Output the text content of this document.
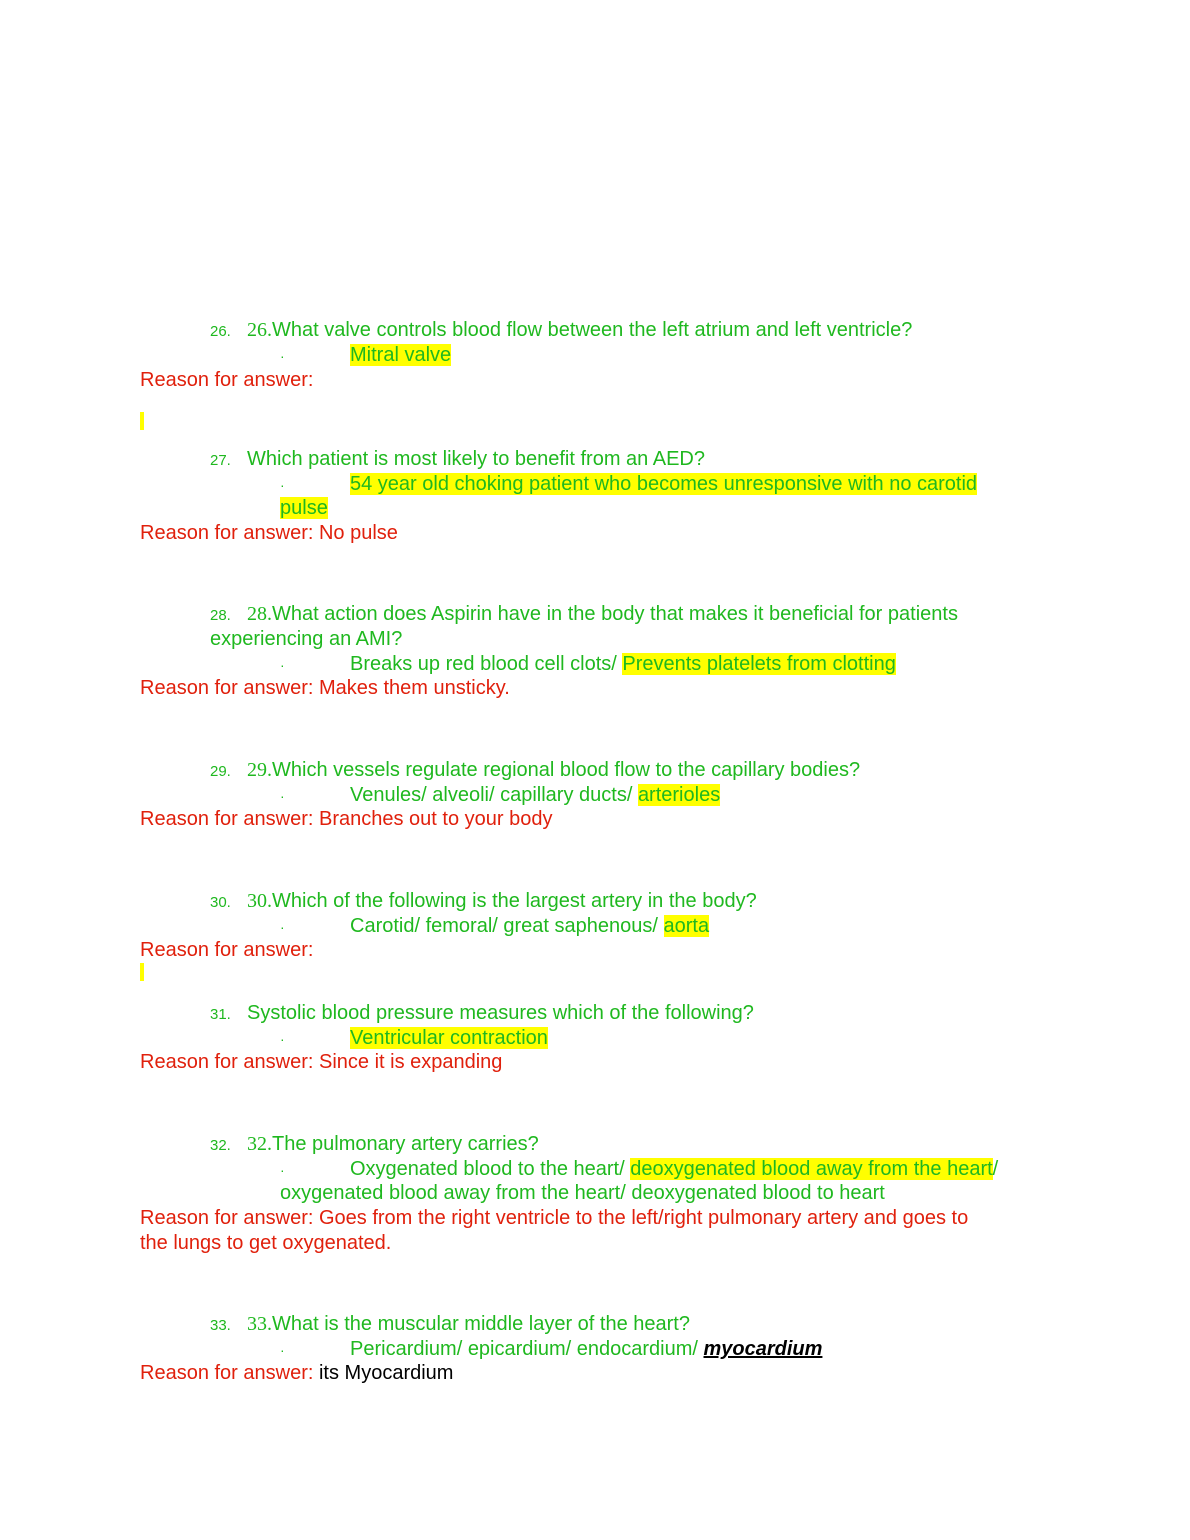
26. 26.What valve controls blood flow between the left atrium and left ventricle?
·	Mitral valve
Reason for answer:
27. Which patient is most likely to benefit from an AED?
·	54 year old choking patient who becomes unresponsive with no carotid
pulse
Reason for answer: No pulse
28. 28.What action does Aspirin have in the body that makes it beneficial for patients
experiencing an AMI?
·	Breaks up red blood cell clots/ Prevents platelets from clotting
Reason for answer: Makes them unsticky.
29. 29.Which vessels regulate regional blood flow to the capillary bodies?
·	Venules/ alveoli/ capillary ducts/ arterioles
Reason for answer: Branches out to your body
30. 30.Which of the following is the largest artery in the body?
·	Carotid/ femoral/ great saphenous/ aorta
Reason for answer:
31. Systolic blood pressure measures which of the following?
·	Ventricular contraction
Reason for answer: Since it is expanding
32. 32.The pulmonary artery carries?
·	Oxygenated blood to the heart/ deoxygenated blood away from the heart/
oxygenated blood away from the heart/ deoxygenated blood to heart
Reason for answer: Goes from the right ventricle to the left/right pulmonary artery and goes to
the lungs to get oxygenated.
33. 33.What is the muscular middle layer of the heart?
·	Pericardium/ epicardium/ endocardium/ myocardium
Reason for answer: its Myocardium
